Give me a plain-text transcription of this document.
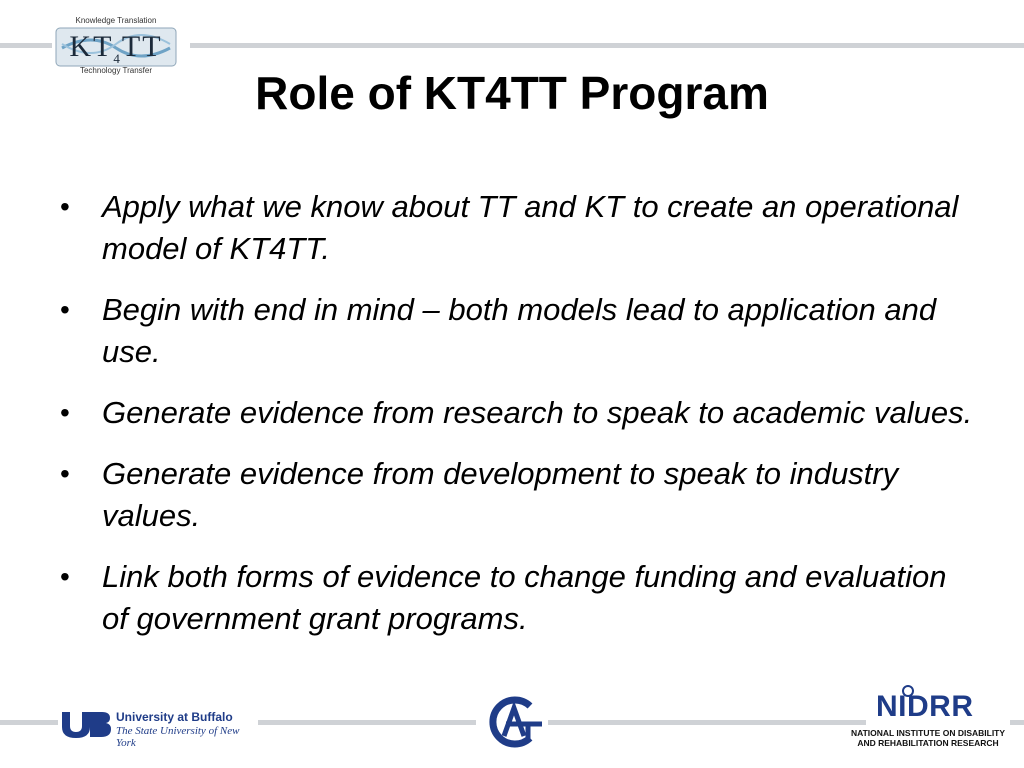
Knowledge Translation
$KT_4TT$
Technology Transfer	Role of KT4TT Program
• Apply what we know about TT and KT to create an operational model of KT4TT.
• Begin with end in mind – both models lead to application and use.
• Generate evidence from research to speak to academic values.
• Generate evidence from development to speak to industry values.
• Link both forms of evidence to change funding and evaluation of government grant programs.
University at Buffalo
The State University of New York
NIDRR
NATIONAL INSTITUTE ON DISABILITY
AND REHABILITATION RESEARCH
